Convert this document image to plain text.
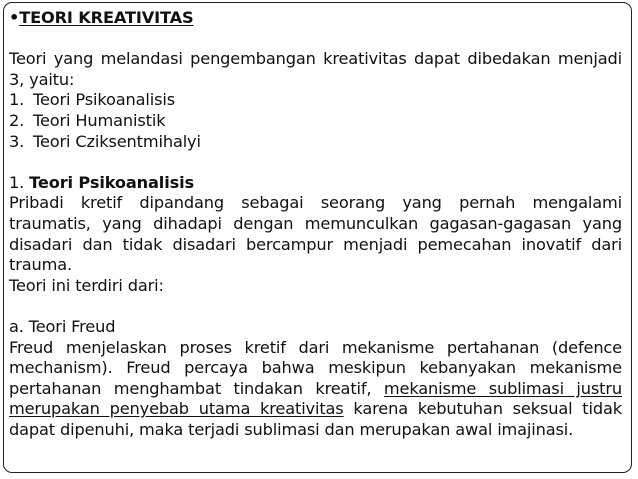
•TEORI KREATIVITAS

Teori yang melandasi pengembangan kreativitas dapat dibedakan menjadi 3, yaitu:

1. Teori Psikoanalisis
2. Teori Humanistik
3. Teori Cziksentmihalyi

1. Teori Psikoanalisis

Pribadi kretif dipandang sebagai seorang yang pernah mengalami traumatis, yang dihadapi dengan memunculkan gagasan-gagasan yang disadari dan tidak disadari bercampur menjadi pemecahan inovatif dari trauma.

Teori ini terdiri dari:

a. Teori Freud

Freud menjelaskan proses kretif dari mekanisme pertahanan (defence mechanism). Freud percaya bahwa meskipun kebanyakan mekanisme pertahanan menghambat tindakan kreatif, mekanisme sublimasi justru merupakan penyebab utama kreativitas karena kebutuhan seksual tidak dapat dipenuhi, maka terjadi sublimasi dan merupakan awal imajinasi.
